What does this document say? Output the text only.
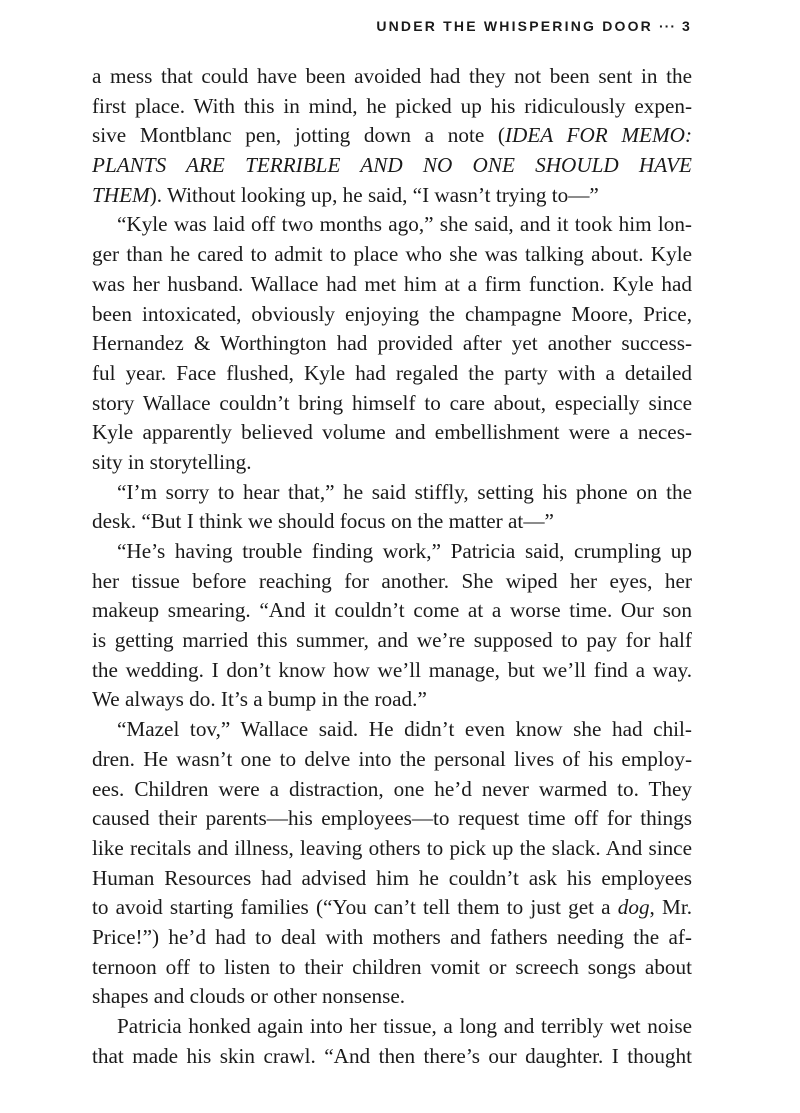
UNDER THE WHISPERING DOOR ··· 3
a mess that could have been avoided had they not been sent in the
first place. With this in mind, he picked up his ridiculously expen-
sive Montblanc pen, jotting down a note (IDEA FOR MEMO:
PLANTS ARE TERRIBLE AND NO ONE SHOULD HAVE
THEM). Without looking up, he said, “I wasn’t trying to—”
“Kyle was laid off two months ago,” she said, and it took him lon-
ger than he cared to admit to place who she was talking about. Kyle
was her husband. Wallace had met him at a firm function. Kyle had
been intoxicated, obviously enjoying the champagne Moore, Price,
Hernandez & Worthington had provided after yet another success-
ful year. Face flushed, Kyle had regaled the party with a detailed
story Wallace couldn’t bring himself to care about, especially since
Kyle apparently believed volume and embellishment were a neces-
sity in storytelling.
“I’m sorry to hear that,” he said stiffly, setting his phone on the
desk. “But I think we should focus on the matter at—”
“He’s having trouble finding work,” Patricia said, crumpling up
her tissue before reaching for another. She wiped her eyes, her
makeup smearing. “And it couldn’t come at a worse time. Our son
is getting married this summer, and we’re supposed to pay for half
the wedding. I don’t know how we’ll manage, but we’ll find a way.
We always do. It’s a bump in the road.”
“Mazel tov,” Wallace said. He didn’t even know she had chil-
dren. He wasn’t one to delve into the personal lives of his employ-
ees. Children were a distraction, one he’d never warmed to. They
caused their parents—his employees—to request time off for things
like recitals and illness, leaving others to pick up the slack. And since
Human Resources had advised him he couldn’t ask his employees
to avoid starting families (“You can’t tell them to just get a dog, Mr.
Price!”) he’d had to deal with mothers and fathers needing the af-
ternoon off to listen to their children vomit or screech songs about
shapes and clouds or other nonsense.
Patricia honked again into her tissue, a long and terribly wet noise
that made his skin crawl. “And then there’s our daughter. I thought
